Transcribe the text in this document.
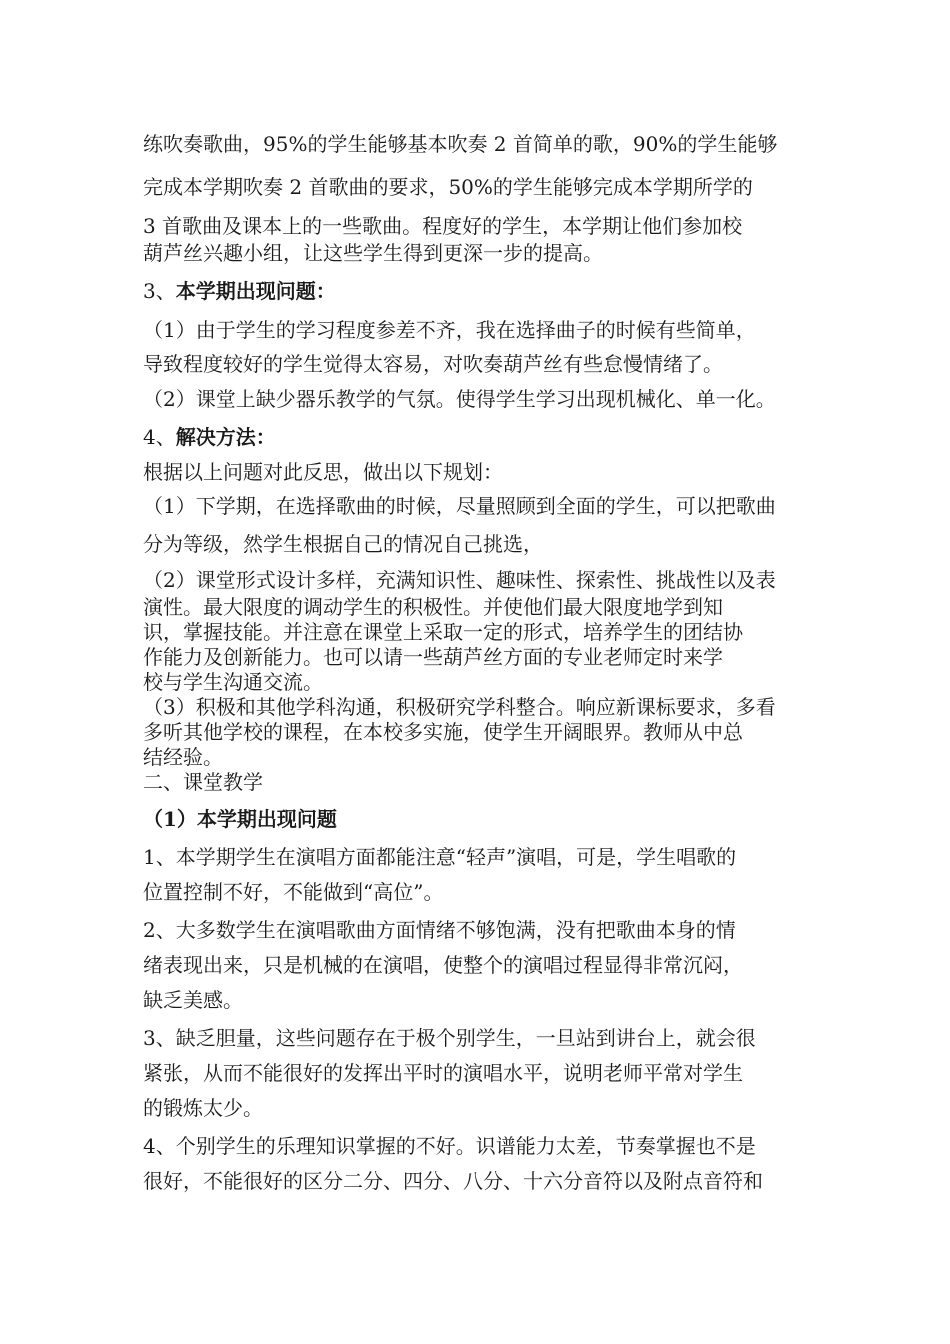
练吹奏歌曲，95%的学生能够基本吹奏 2 首简单的歌，90%的学生能够
完成本学期吹奏 2 首歌曲的要求，50%的学生能够完成本学期所学的
3 首歌曲及课本上的一些歌曲。程度好的学生，本学期让他们参加校
葫芦丝兴趣小组，让这些学生得到更深一步的提高。
3、本学期出现问题：
（1）由于学生的学习程度参差不齐，我在选择曲子的时候有些简单，
导致程度较好的学生觉得太容易，对吹奏葫芦丝有些怠慢情绪了。
（2）课堂上缺少器乐教学的气氛。使得学生学习出现机械化、单一化。
4、解决方法：
根据以上问题对此反思，做出以下规划：
（1）下学期，在选择歌曲的时候，尽量照顾到全面的学生，可以把歌曲
分为等级，然学生根据自己的情况自己挑选，
（2）课堂形式设计多样，充满知识性、趣味性、探索性、挑战性以及表
演性。最大限度的调动学生的积极性。并使他们最大限度地学到知
识，掌握技能。并注意在课堂上采取一定的形式，培养学生的团结协
作能力及创新能力。也可以请一些葫芦丝方面的专业老师定时来学
校与学生沟通交流。
（3）积极和其他学科沟通，积极研究学科整合。响应新课标要求，多看
多听其他学校的课程，在本校多实施，使学生开阔眼界。教师从中总
结经验。
二、课堂教学
（1）本学期出现问题
1、本学期学生在演唱方面都能注意“轻声”演唱，可是，学生唱歌的
位置控制不好，不能做到“高位”。
2、大多数学生在演唱歌曲方面情绪不够饱满，没有把歌曲本身的情
绪表现出来，只是机械的在演唱，使整个的演唱过程显得非常沉闷，
缺乏美感。
3、缺乏胆量，这些问题存在于极个别学生，一旦站到讲台上，就会很
紧张，从而不能很好的发挥出平时的演唱水平，说明老师平常对学生
的锻炼太少。
4、个别学生的乐理知识掌握的不好。识谱能力太差，节奏掌握也不是
很好，不能很好的区分二分、四分、八分、十六分音符以及附点音符和
